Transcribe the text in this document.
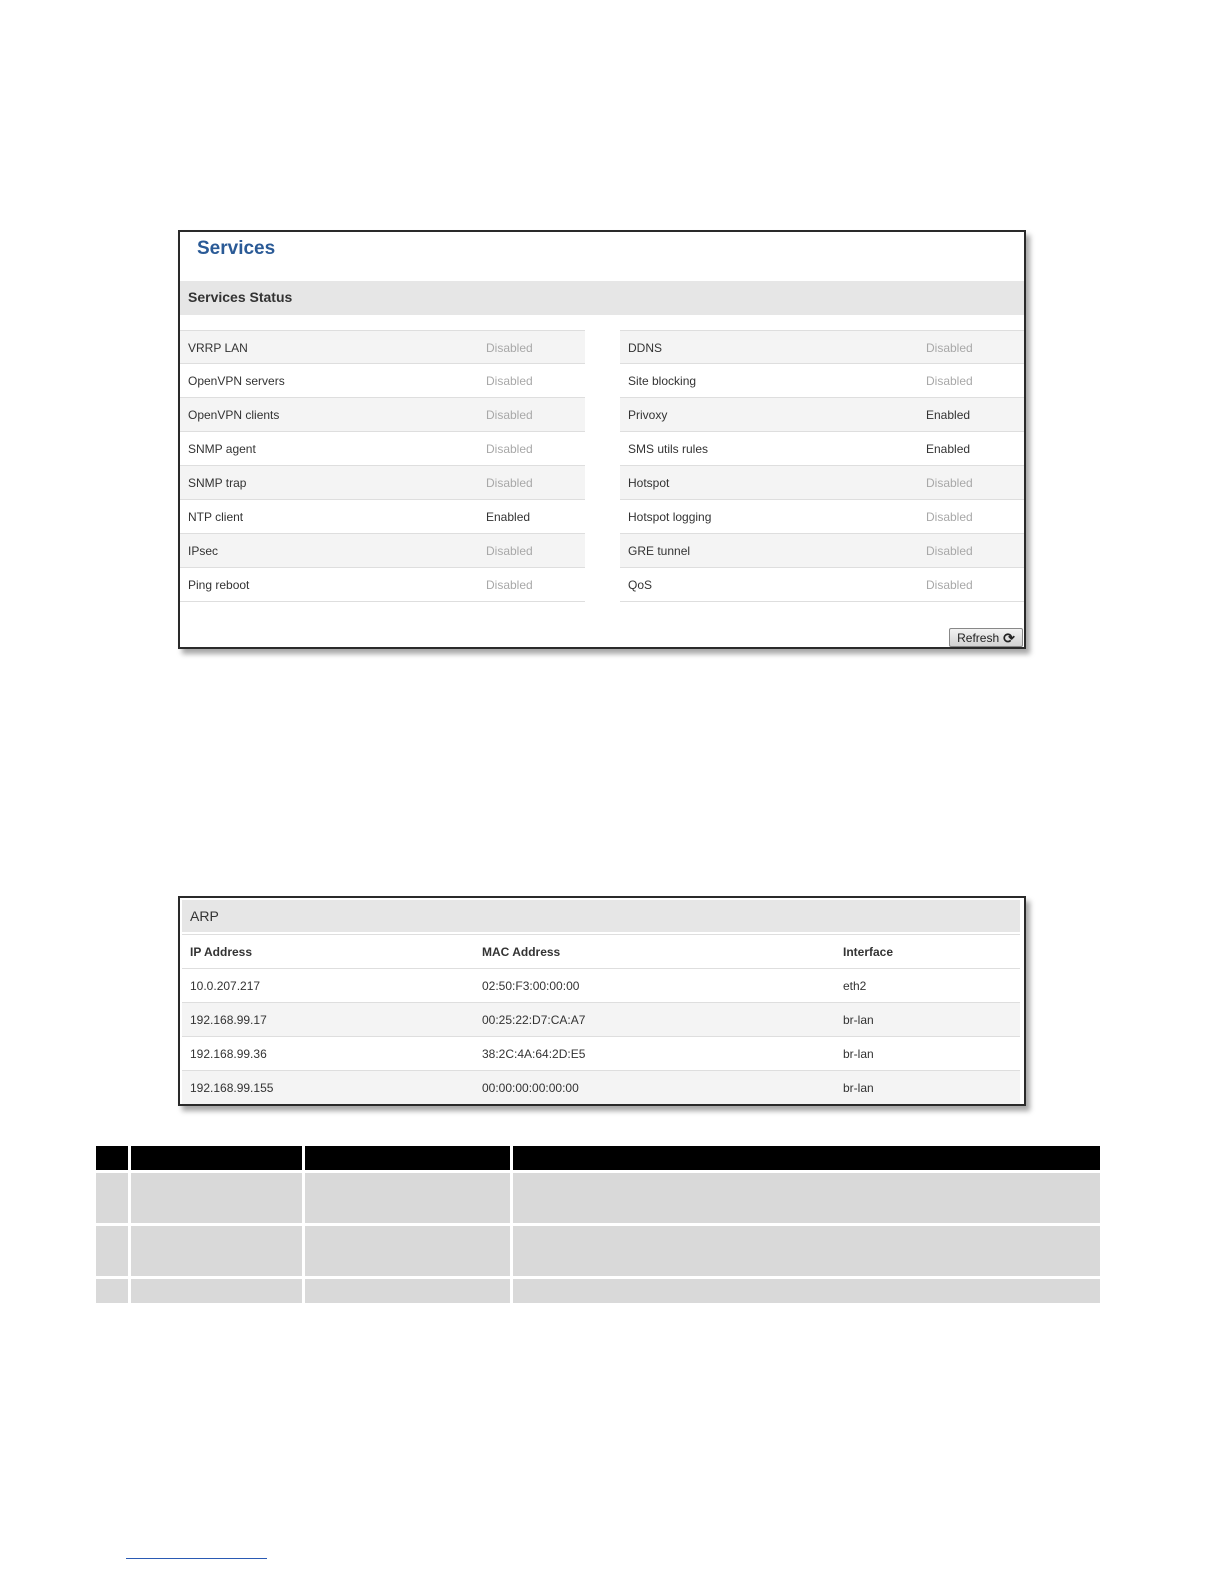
Services
Services Status
VRRP LAN	Disabled
OpenVPN servers	Disabled
OpenVPN clients	Disabled
SNMP agent	Disabled
SNMP trap	Disabled
NTP client	Enabled
IPsec	Disabled
Ping reboot	Disabled
DDNS	Disabled
Site blocking	Disabled
Privoxy	Enabled
SMS utils rules	Enabled
Hotspot	Disabled
Hotspot logging	Disabled
GRE tunnel	Disabled
QoS	Disabled
Refresh ⟳
ARP
IP Address	MAC Address	Interface
10.0.207.217	02:50:F3:00:00:00	eth2
192.168.99.17	00:25:22:D7:CA:A7	br-lan
192.168.99.36	38:2C:4A:64:2D:E5	br-lan
192.168.99.155	00:00:00:00:00:00	br-lan
